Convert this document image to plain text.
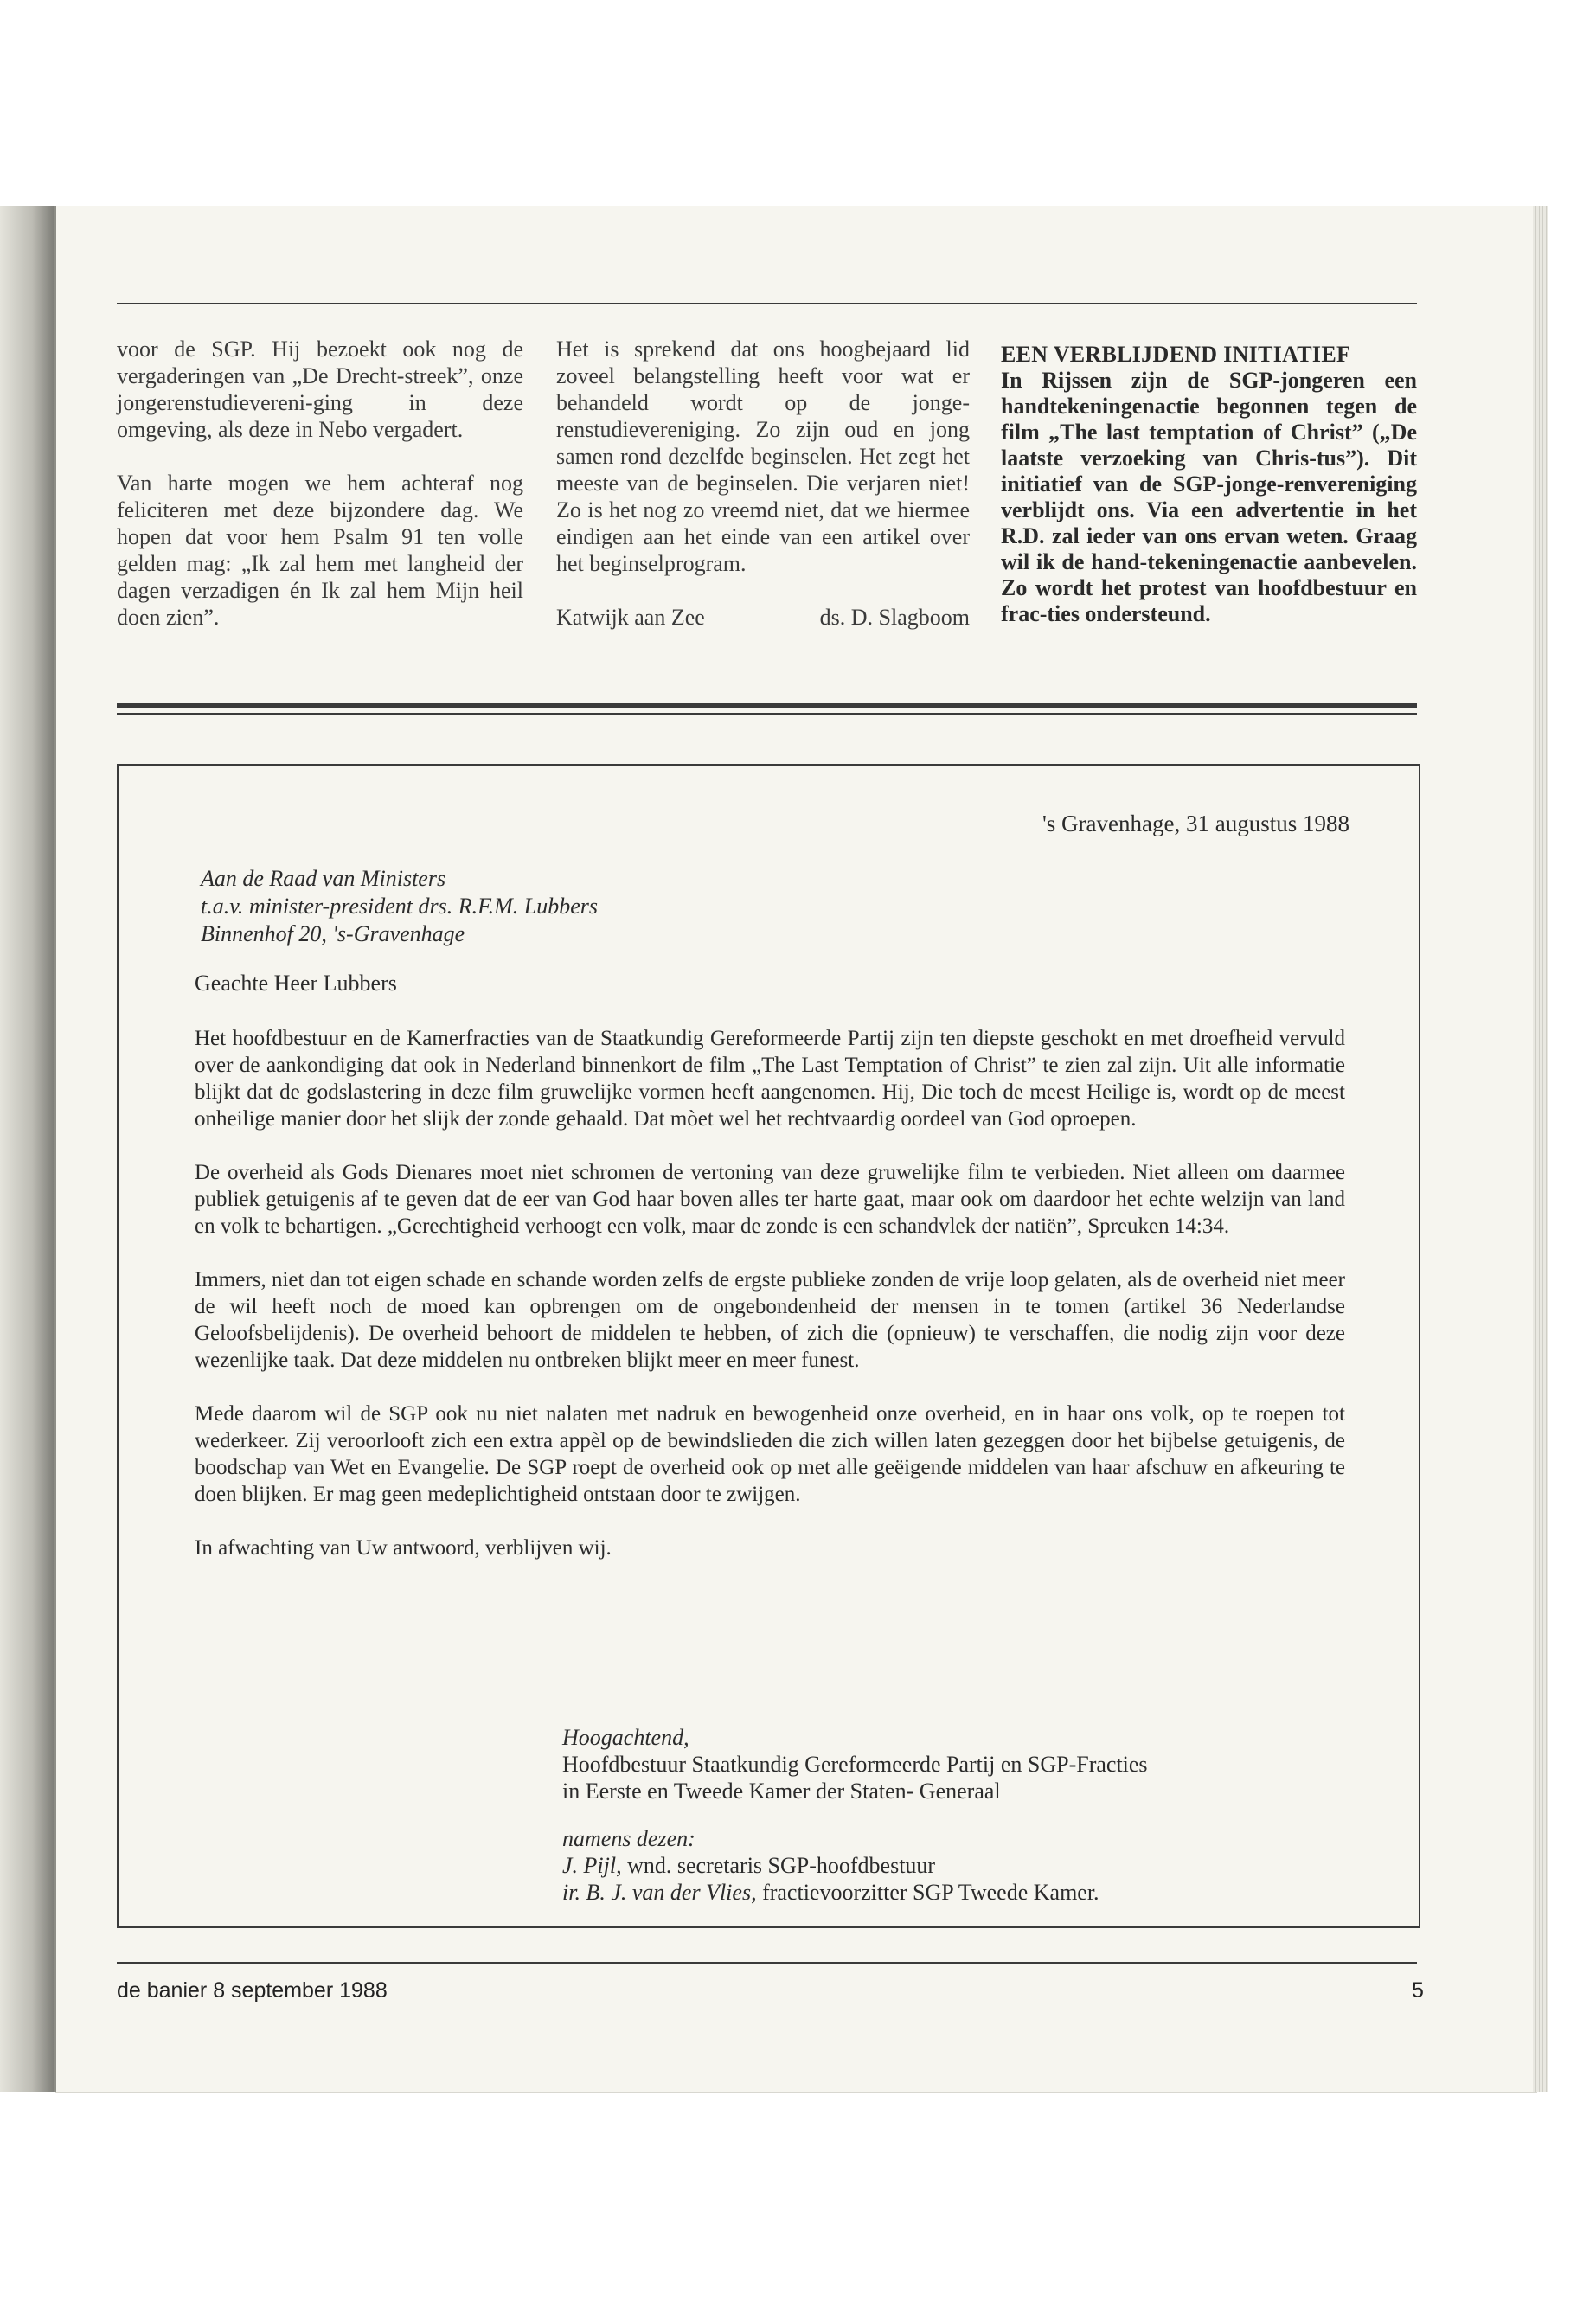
voor de SGP. Hij bezoekt ook nog de vergaderingen van „De Drecht-streek”, onze jongerenstudievereni-ging in deze omgeving, als deze in Nebo vergadert.

Van harte mogen we hem achteraf nog feliciteren met deze bijzondere dag. We hopen dat voor hem Psalm 91 ten volle gelden mag: „Ik zal hem met langheid der dagen verzadigen én Ik zal hem Mijn heil doen zien”.

Het is sprekend dat ons hoogbejaard lid zoveel belangstelling heeft voor wat er behandeld wordt op de jonge-renstudievereniging. Zo zijn oud en jong samen rond dezelfde beginselen. Het zegt het meeste van de beginselen. Die verjaren niet! Zo is het nog zo vreemd niet, dat we hiermee eindigen aan het einde van een artikel over het beginselprogram.

Katwijk aan Zee	ds. D. Slagboom
EEN VERBLIJDEND INITIATIEF
In Rijssen zijn de SGP-jongeren een handtekeningenactie begonnen tegen de film „The last temptation of Christ” („De laatste verzoeking van Chris-tus”). Dit initiatief van de SGP-jonge-renvereniging verblijdt ons. Via een advertentie in het R.D. zal ieder van ons ervan weten. Graag wil ik de hand-tekeningenactie aanbevelen. Zo wordt het protest van hoofdbestuur en frac-ties ondersteund.
's Gravenhage, 31 augustus 1988
Aan de Raad van Ministers
t.a.v. minister-president drs. R.F.M. Lubbers
Binnenhof 20, 's-Gravenhage
Geachte Heer Lubbers

Het hoofdbestuur en de Kamerfracties van de Staatkundig Gereformeerde Partij zijn ten diepste geschokt en met droefheid vervuld over de aankondiging dat ook in Nederland binnenkort de film „The Last Temptation of Christ” te zien zal zijn. Uit alle informatie blijkt dat de godslastering in deze film gruwelijke vormen heeft aangenomen. Hij, Die toch de meest Heilige is, wordt op de meest onheilige manier door het slijk der zonde gehaald. Dat mòet wel het rechtvaardig oordeel van God oproepen.

De overheid als Gods Dienares moet niet schromen de vertoning van deze gruwelijke film te verbieden. Niet alleen om daarmee publiek getuigenis af te geven dat de eer van God haar boven alles ter harte gaat, maar ook om daardoor het echte welzijn van land en volk te behartigen. „Gerechtigheid verhoogt een volk, maar de zonde is een schandvlek der natiën”, Spreuken 14:34.

Immers, niet dan tot eigen schade en schande worden zelfs de ergste publieke zonden de vrije loop gelaten, als de overheid niet meer de wil heeft noch de moed kan opbrengen om de ongebondenheid der mensen in te tomen (artikel 36 Nederlandse Geloofsbelijdenis). De overheid behoort de middelen te hebben, of zich die (opnieuw) te verschaffen, die nodig zijn voor deze wezenlijke taak. Dat deze middelen nu ontbreken blijkt meer en meer funest.

Mede daarom wil de SGP ook nu niet nalaten met nadruk en bewogenheid onze overheid, en in haar ons volk, op te roepen tot wederkeer. Zij veroorlooft zich een extra appèl op de bewindslieden die zich willen laten gezeggen door het bijbelse getuigenis, de boodschap van Wet en Evangelie. De SGP roept de overheid ook op met alle geëigende middelen van haar afschuw en afkeuring te doen blijken. Er mag geen medeplichtigheid ontstaan door te zwijgen.

In afwachting van Uw antwoord, verblijven wij.

Hoogachtend,
Hoofdbestuur Staatkundig Gereformeerde Partij en SGP-Fracties
in Eerste en Tweede Kamer der Staten- Generaal
namens dezen:
J. Pijl, wnd. secretaris SGP-hoofdbestuur
ir. B. J. van der Vlies, fractievoorzitter SGP Tweede Kamer.
de banier 8 september 1988	5
